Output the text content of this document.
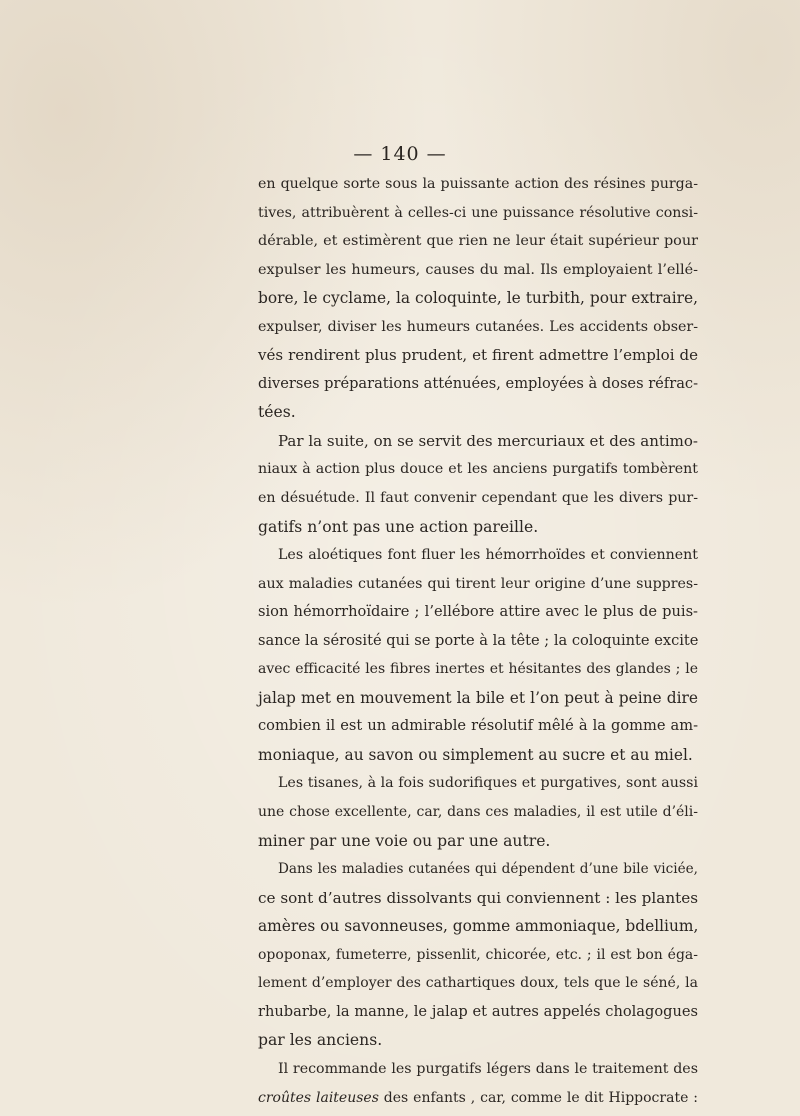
— 140 —
en quelque sorte sous la puissante action des résines purga-
tives, attribuèrent à celles-ci une puissance résolutive consi-
dérable, et estimèrent que rien ne leur était supérieur pour
expulser les humeurs, causes du mal. Ils employaient l’ellé-
bore, le cyclame, la coloquinte, le turbith, pour extraire,
expulser, diviser les humeurs cutanées. Les accidents obser-
vés rendirent plus prudent, et firent admettre l’emploi de
diverses préparations atténuées, employées à doses réfrac-
tées.
Par la suite, on se servit des mercuriaux et des antimo-
niaux à action plus douce et les anciens purgatifs tombèrent
en désuétude. Il faut convenir cependant que les divers pur-
gatifs n’ont pas une action pareille.
Les aloétiques font fluer les hémorrhoïdes et conviennent
aux maladies cutanées qui tirent leur origine d’une suppres-
sion hémorrhoïdaire ; l’ellébore attire avec le plus de puis-
sance la sérosité qui se porte à la tête ; la coloquinte excite
avec efficacité les fibres inertes et hésitantes des glandes ; le
jalap met en mouvement la bile et l’on peut à peine dire
combien il est un admirable résolutif mêlé à la gomme am-
moniaque, au savon ou simplement au sucre et au miel.
Les tisanes, à la fois sudorifiques et purgatives, sont aussi
une chose excellente, car, dans ces maladies, il est utile d’éli-
miner par une voie ou par une autre.
Dans les maladies cutanées qui dépendent d’une bile viciée,
ce sont d’autres dissolvants qui conviennent : les plantes
amères ou savonneuses, gomme ammoniaque, bdellium,
opoponax, fumeterre, pissenlit, chicorée, etc. ; il est bon éga-
lement d’employer des cathartiques doux, tels que le séné, la
rhubarbe, la manne, le jalap et autres appelés cholagogues
par les anciens.
Il recommande les purgatifs légers dans le traitement des
croûtes laiteuses des enfants , car, comme le dit Hippocrate :
